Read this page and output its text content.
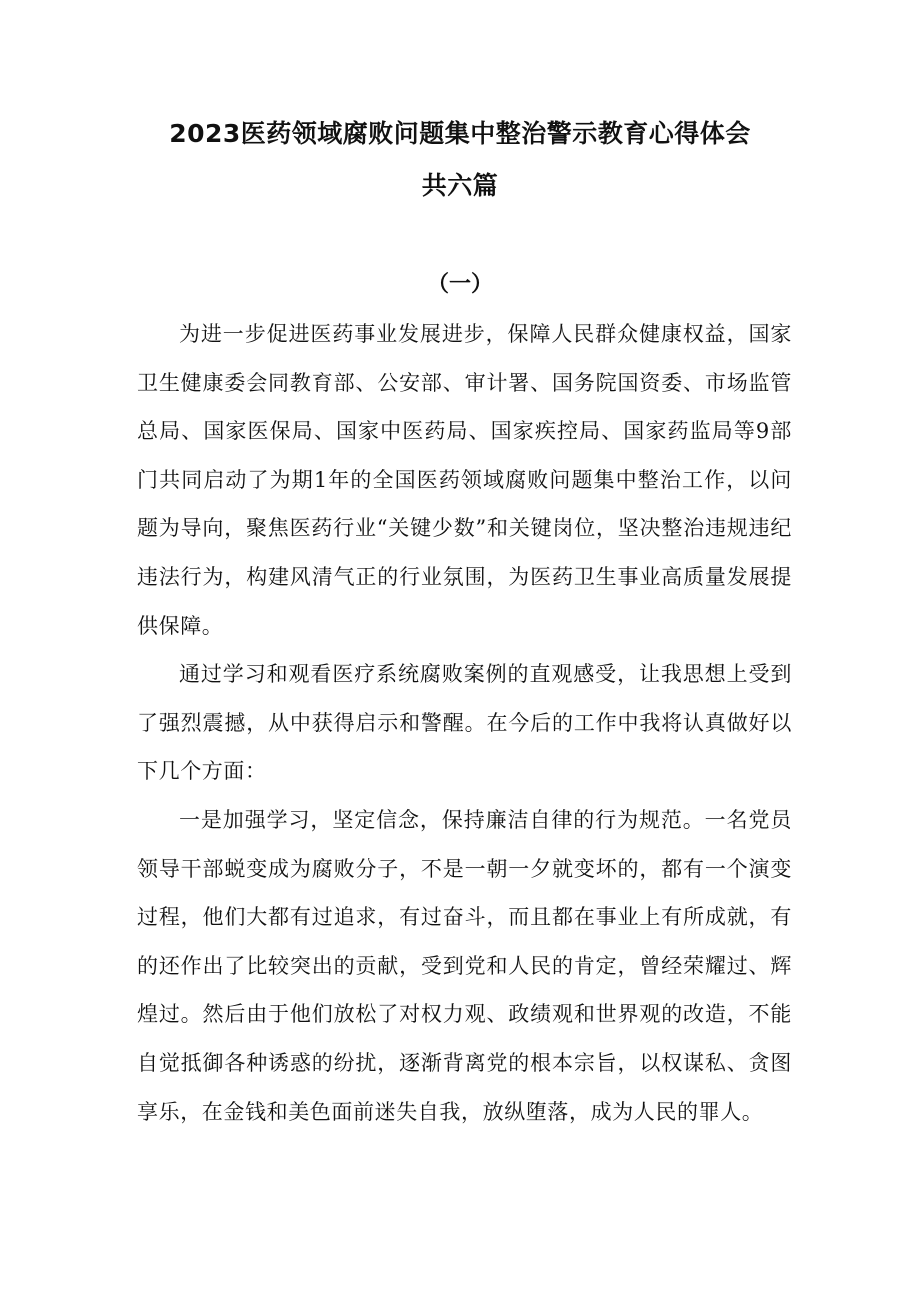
2023医药领域腐败问题集中整治警示教育心得体会
共六篇
（一）

为进一步促进医药事业发展进步，保障人民群众健康权益，国家卫生健康委会同教育部、公安部、审计署、国务院国资委、市场监管总局、国家医保局、国家中医药局、国家疾控局、国家药监局等9部门共同启动了为期1年的全国医药领域腐败问题集中整治工作，以问题为导向，聚焦医药行业“关键少数”和关键岗位，坚决整治违规违纪违法行为，构建风清气正的行业氛围，为医药卫生事业高质量发展提供保障。

通过学习和观看医疗系统腐败案例的直观感受，让我思想上受到了强烈震撼，从中获得启示和警醒。在今后的工作中我将认真做好以下几个方面：

一是加强学习，坚定信念，保持廉洁自律的行为规范。一名党员领导干部蜕变成为腐败分子，不是一朝一夕就变坏的，都有一个演变过程，他们大都有过追求，有过奋斗，而且都在事业上有所成就，有的还作出了比较突出的贡献，受到党和人民的肯定，曾经荣耀过、辉煌过。然后由于他们放松了对权力观、政绩观和世界观的改造，不能自觉抵御各种诱惑的纷扰，逐渐背离党的根本宗旨，以权谋私、贪图享乐，在金钱和美色面前迷失自我，放纵堕落，成为人民的罪人。
